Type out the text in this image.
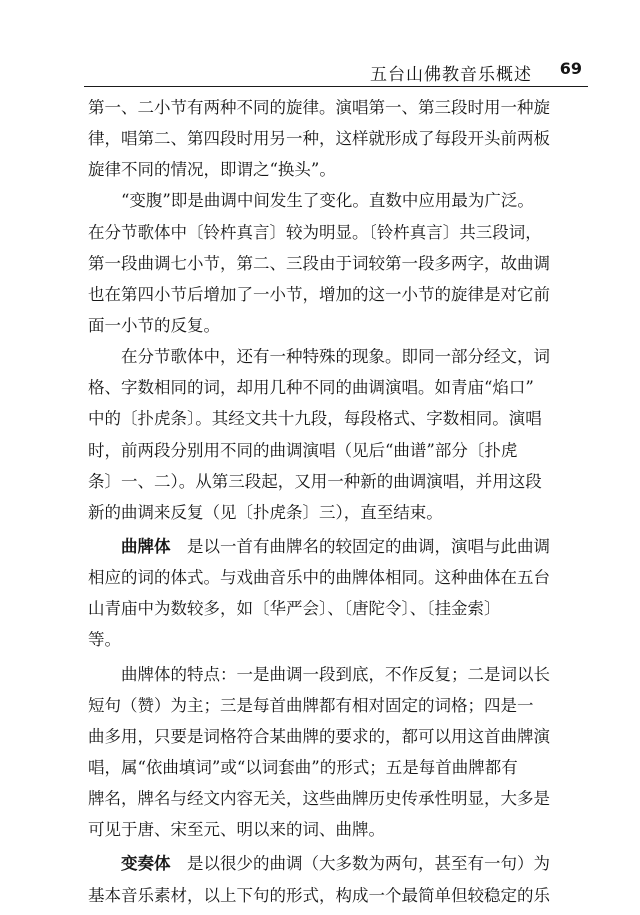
五台山佛教音乐概述 69
第一、二小节有两种不同的旋律。演唱第一、第三段时用一种旋
律，唱第二、第四段时用另一种，这样就形成了每段开头前两板
旋律不同的情况，即谓之“换头”。
“变腹”即是曲调中间发生了变化。直数中应用最为广泛。
在分节歌体中〔铃杵真言〕较为明显。〔铃杵真言〕共三段词，
第一段曲调七小节，第二、三段由于词较第一段多两字，故曲调
也在第四小节后增加了一小节，增加的这一小节的旋律是对它前
面一小节的反复。
在分节歌体中，还有一种特殊的现象。即同一部分经文，词
格、字数相同的词，却用几种不同的曲调演唱。如青庙“焰口”
中的〔扑虎条〕。其经文共十九段，每段格式、字数相同。演唱
时，前两段分别用不同的曲调演唱（见后“曲谱”部分〔扑虎
条〕一、二）。从第三段起，又用一种新的曲调演唱，并用这段
新的曲调来反复（见〔扑虎条〕三），直至结束。
曲牌体　是以一首有曲牌名的较固定的曲调，演唱与此曲调
相应的词的体式。与戏曲音乐中的曲牌体相同。这种曲体在五台
山青庙中为数较多，如〔华严会〕、〔唐陀令〕、〔挂金索〕
等。
曲牌体的特点：一是曲调一段到底，不作反复；二是词以长
短句（赞）为主；三是每首曲牌都有相对固定的词格；四是一
曲多用，只要是词格符合某曲牌的要求的，都可以用这首曲牌演
唱，属“依曲填词”或“以词套曲”的形式；五是每首曲牌都有
牌名，牌名与经文内容无关，这些曲牌历史传承性明显，大多是
可见于唐、宋至元、明以来的词、曲牌。
变奏体　是以很少的曲调（大多数为两句，甚至有一句）为
基本音乐素材，以上下句的形式，构成一个最简单但较稳定的乐
